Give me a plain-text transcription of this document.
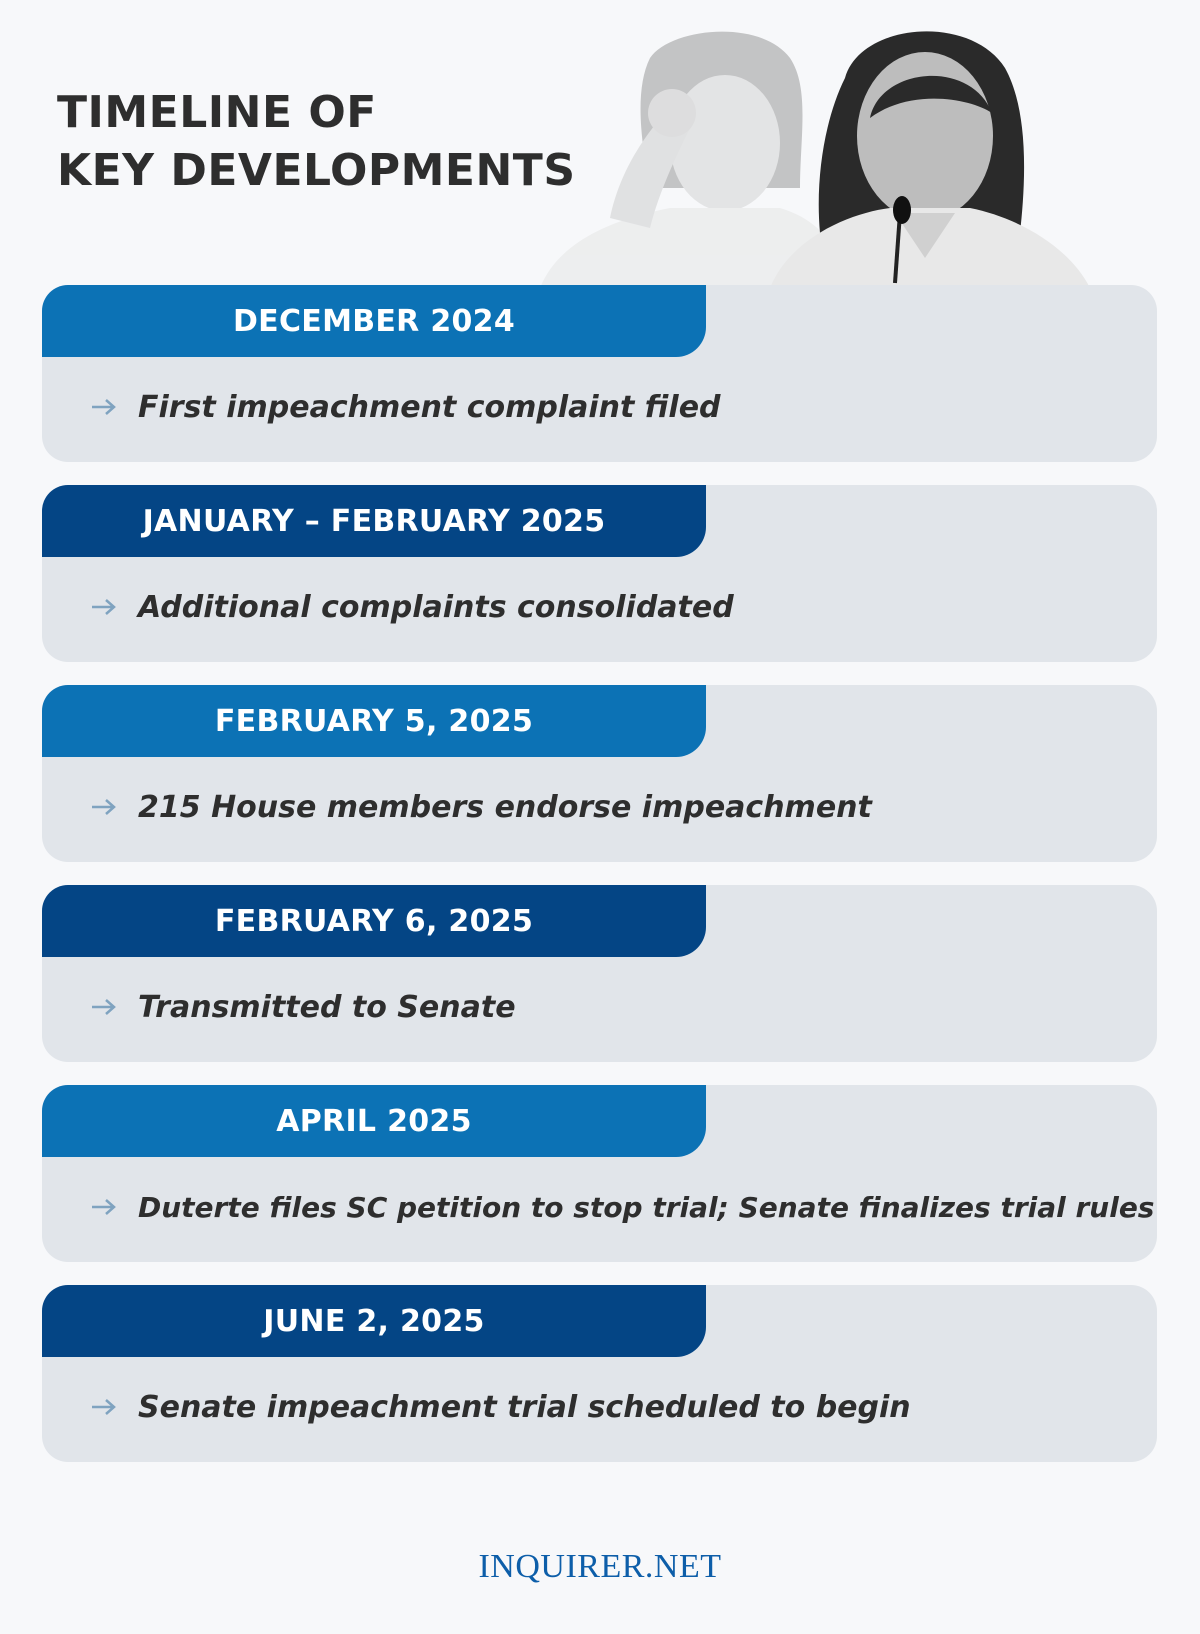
TIMELINE OF
KEY DEVELOPMENTS
DECEMBER 2024
First impeachment complaint filed
JANUARY – FEBRUARY 2025
Additional complaints consolidated
FEBRUARY 5, 2025
215 House members endorse impeachment
FEBRUARY 6, 2025
Transmitted to Senate
APRIL 2025
Duterte files SC petition to stop trial; Senate finalizes trial rules
JUNE 2, 2025
Senate impeachment trial scheduled to begin
INQUIRER.NET
